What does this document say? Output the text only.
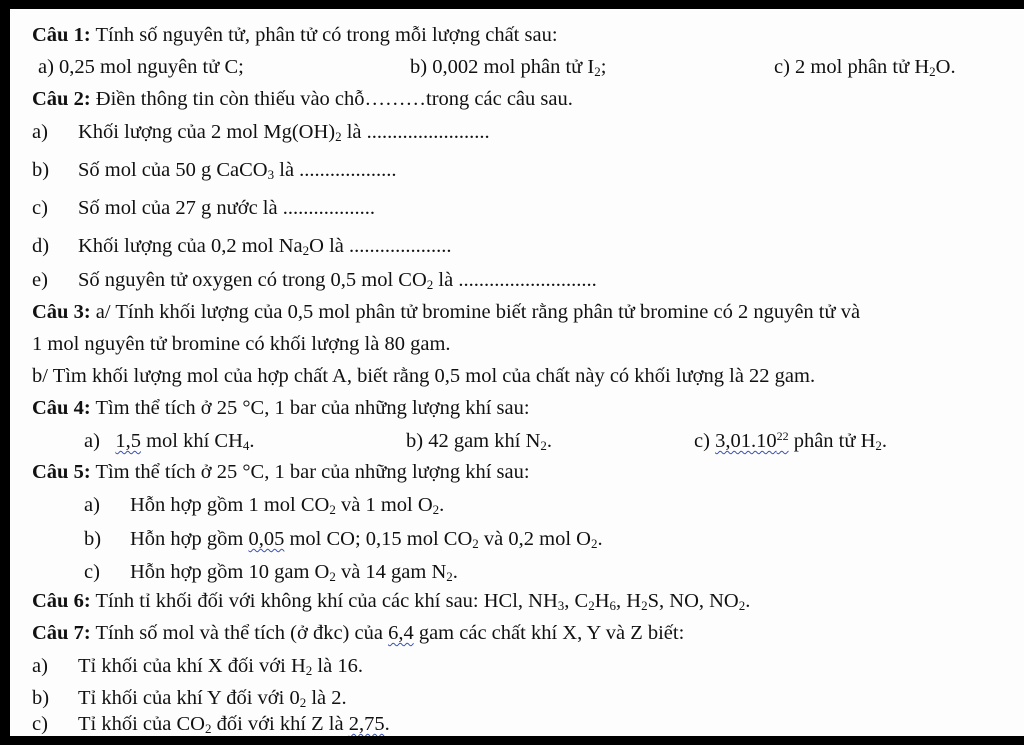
Câu 1: Tính số nguyên tử, phân tử có trong mỗi lượng chất sau:
a) 0,25 mol nguyên tử C;	b) 0,002 mol phân tử $I_2$;	c) 2 mol phân tử $H_2O$.
Câu 2: Điền thông tin còn thiếu vào chỗ………trong các câu sau.
a) Khối lượng của 2 mol $Mg(OH)_2$ là ........................
b) Số mol của 50 g CaCO$_3$ là ...................
c) Số mol của 27 g nước là ..................
d) Khối lượng của 0,2 mol $Na_2O$ là ....................
e) Số nguyên tử oxygen có trong 0,5 mol $CO_2$ là ...........................
Câu 3: a/ Tính khối lượng của 0,5 mol phân tử bromine biết rằng phân tử bromine có 2 nguyên tử và
1 mol nguyên tử bromine có khối lượng là 80 gam.
b/ Tìm khối lượng mol của hợp chất A, biết rằng 0,5 mol của chất này có khối lượng là 22 gam.
Câu 4: Tìm thể tích ở 25 °C, 1 bar của những lượng khí sau:
a) 1,5 mol khí $CH_4$.	b) 42 gam khí $N_2$.	c) 3,01.10$^{22}$ phân tử $H_2$.
Câu 5: Tìm thể tích ở 25 °C, 1 bar của những lượng khí sau:
a) Hỗn hợp gồm 1 mol $CO_2$ và 1 mol $O_2$.
b) Hỗn hợp gồm 0,05 mol CO; 0,15 mol $CO_2$ và 0,2 mol $O_2$.
c) Hỗn hợp gồm 10 gam $O_2$ và 14 gam $N_2$.
Câu 6: Tính tỉ khối đối với không khí của các khí sau: HCl, $NH_3$, $C_2H_6$, $H_2S$, NO, $NO_2$.
Câu 7: Tính số mol và thể tích (ở đkc) của 6,4 gam các chất khí X, Y và Z biết:
a) Tỉ khối của khí X đối với $H_2$ là 16.
b) Tỉ khối của khí Y đối với $0_2$ là 2.
c) Tỉ khối của $CO_2$ đối với khí Z là 2,75.
